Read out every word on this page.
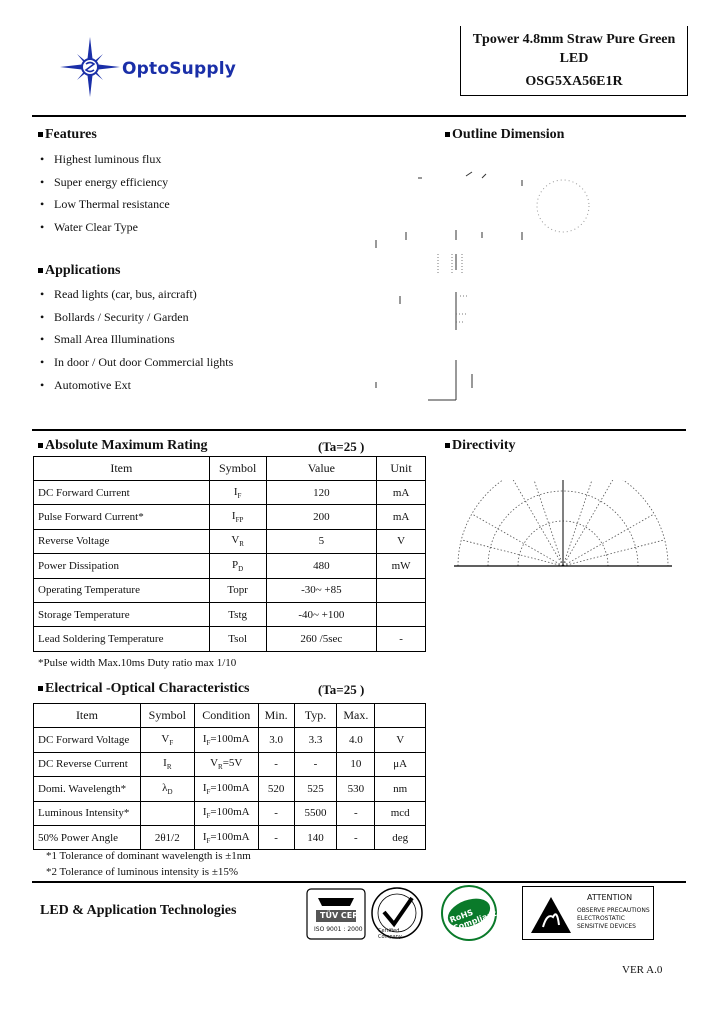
OptoSupply
Tpower 4.8mm Straw Pure Green
LED
OSG5XA56E1R
Features
• Highest luminous flux
• Super energy efficiency
• Low Thermal resistance
• Water Clear Type
Applications
• Read lights (car, bus, aircraft)
• Bollards / Security / Garden
• Small Area Illuminations
• In door / Out door Commercial lights
• Automotive Ext
Outline Dimension
Absolute Maximum Rating	(Ta=25 )
Item	Symbol	Value	Unit
DC Forward Current	$I_F$	120	mA
Pulse Forward Current*	$I_{FP}$	200	mA
Reverse Voltage	$V_R$	5	V
Power Dissipation	$P_D$	480	mW
Operating Temperature	Topr	-30~ +85	
Storage Temperature	Tstg	-40~ +100	
Lead Soldering Temperature	Tsol	260 /5sec	-
*Pulse width Max.10ms Duty ratio max 1/10
Directivity
Electrical -Optical Characteristics	(Ta=25 )
Item	Symbol	Condition	Min.	Typ.	Max.	
DC Forward Voltage	$V_F$	$I_F=100mA$	3.0	3.3	4.0	V
DC Reverse Current	$I_R$	$V_R=5V$	-	-	10	μA
Domi. Wavelength*	$\lambda_D$	$I_F=100mA$	520	525	530	nm
Luminous Intensity*		$I_F=100mA$	-	5500	-	mcd
50% Power Angle	2θ1/2	$I_F=100mA$	-	140	-	deg
*1 Tolerance of dominant wavelength is ±1nm
*2 Tolerance of luminous intensity is ±15%
LED & Application Technologies	TÜV CERT
ISO 9001 : 2000	Certified Company
RoHS Compliant
ATTENTION
OBSERVE PRECAUTIONS
ELECTROSTATIC
SENSITIVE DEVICES
VER A.0
